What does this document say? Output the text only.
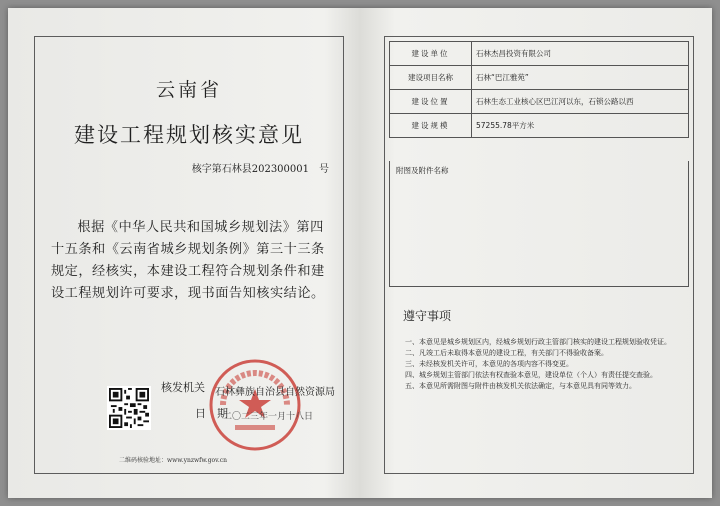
云南省
建设工程规划核实意见
核字第石林县202300001　号
根据《中华人民共和国城乡规划法》第四十五条和《云南省城乡规划条例》第三十三条规定，经核实，本建设工程符合规划条件和建设工程规划许可要求，现书面告知核实结论。
核发机关 石林彝族自治县自然资源局
日　期
二〇二三年一月十八日
二维码核验地址：www.ynzwfw.gov.cn
建设单位	石林杰昌投资有限公司
建设项目名称	石林“巴江雅苑”
建设位置	石林生态工业核心区巴江河以东，石锁公路以西
建设规模	57255.78平方米
附图及附件名称
遵守事项
一、本意见是城乡规划区内，经城乡规划行政主管部门核实的建设工程规划验收凭证。
二、凡竣工后未取得本意见的建设工程，有关部门不得验收备案。
三、未经核发机关许可，本意见的各项内容不得变更。
四、城乡规划主管部门依法有权查验本意见，建设单位（个人）有责任提交查验。
五、本意见所需附图与附件由核发机关依法确定，与本意见具有同等效力。
